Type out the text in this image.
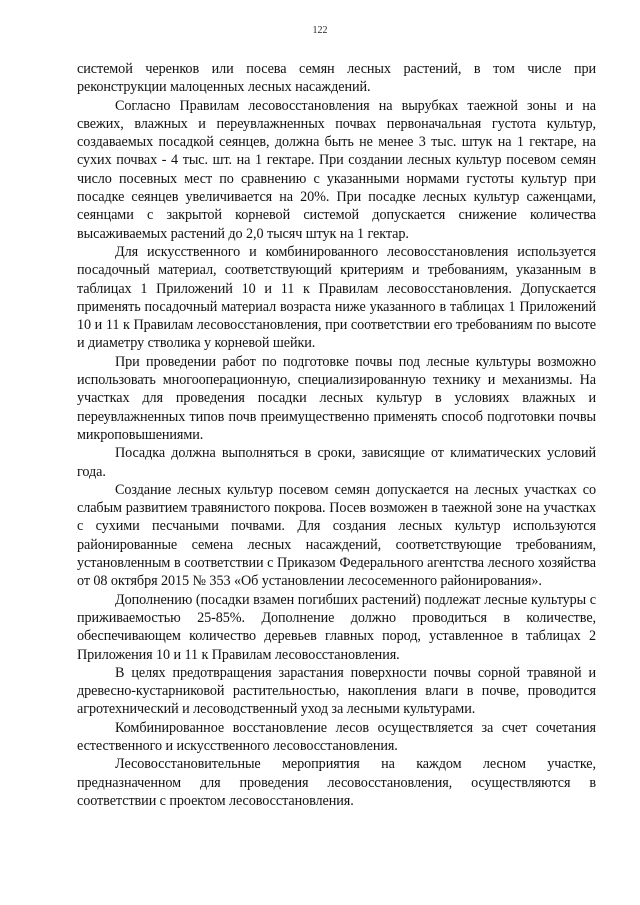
122

системой черенков или посева семян лесных растений, в том числе при реконструкции малоценных лесных насаждений.

Согласно Правилам лесовосстановления на вырубках таежной зоны и на свежих, влажных и переувлажненных почвах первоначальная густота культур, создаваемых посадкой сеянцев, должна быть не менее 3 тыс. штук на 1 гектаре, на сухих почвах - 4 тыс. шт. на 1 гектаре. При создании лесных культур посевом семян число посевных мест по сравнению с указанными нормами густоты культур при посадке сеянцев увеличивается на 20%. При посадке лесных культур саженцами, сеянцами с закрытой корневой системой допускается снижение количества высаживаемых растений до 2,0 тысяч штук на 1 гектар.

Для искусственного и комбинированного лесовосстановления используется посадочный материал, соответствующий критериям и требованиям, указанным в таблицах 1 Приложений 10 и 11 к Правилам лесовосстановления. Допускается применять посадочный материал возраста ниже указанного в таблицах 1 Приложений 10 и 11 к Правилам лесовосстановления, при соответствии его требованиям по высоте и диаметру стволика у корневой шейки.

При проведении работ по подготовке почвы под лесные культуры возможно использовать многооперационную, специализированную технику и механизмы. На участках для проведения посадки лесных культур в условиях влажных и переувлажненных типов почв преимущественно применять способ подготовки почвы микроповышениями.

Посадка должна выполняться в сроки, зависящие от климатических условий года.

Создание лесных культур посевом семян допускается на лесных участках со слабым развитием травянистого покрова. Посев возможен в таежной зоне на участках с сухими песчаными почвами. Для создания лесных культур используются районированные семена лесных насаждений, соответствующие требованиям, установленным в соответствии с Приказом Федерального агентства лесного хозяйства от 08 октября 2015 № 353 «Об установлении лесосеменного районирования».

Дополнению (посадки взамен погибших растений) подлежат лесные культуры с приживаемостью 25-85%. Дополнение должно проводиться в количестве, обеспечивающем количество деревьев главных пород, уставленное в таблицах 2 Приложения 10 и 11 к Правилам лесовосстановления.

В целях предотвращения зарастания поверхности почвы сорной травяной и древесно-кустарниковой растительностью, накопления влаги в почве, проводится агротехнический и лесоводственный уход за лесными культурами.

Комбинированное восстановление лесов осуществляется за счет сочетания естественного и искусственного лесовосстановления.

Лесовосстановительные мероприятия на каждом лесном участке, предназначенном для проведения лесовосстановления, осуществляются в соответствии с проектом лесовосстановления.
